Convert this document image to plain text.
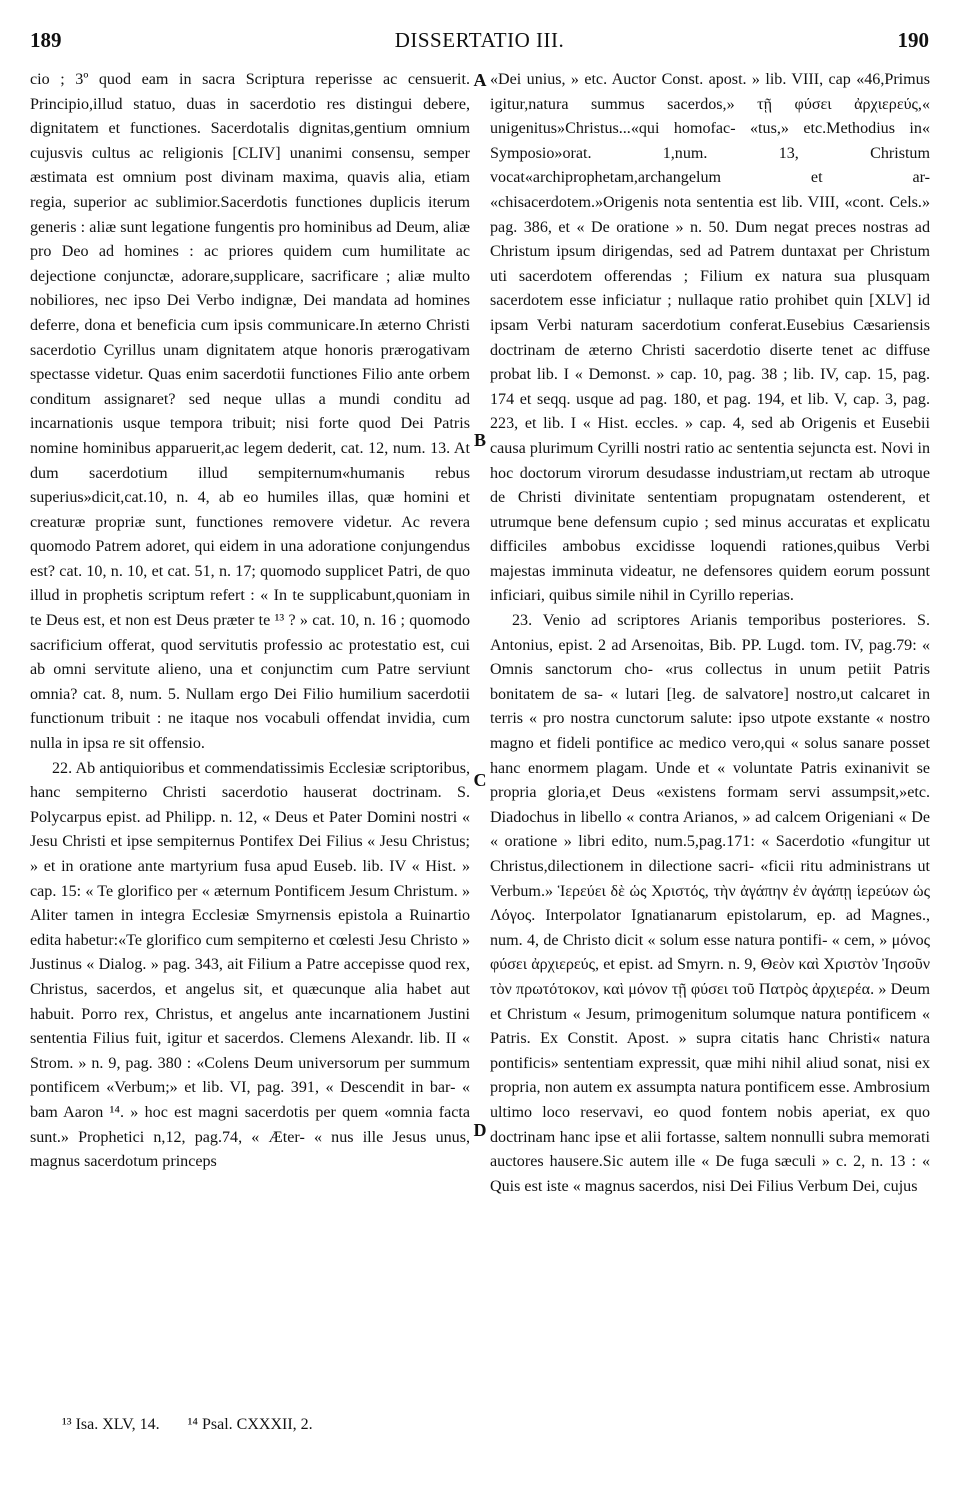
189	DISSERTATIO III.	190

cio ; 3º quod eam in sacra Scriptura reperisse ac censuerit. Principio,illud statuo, duas in sacerdotio res distingui debere, dignitatem et functiones. Sacerdotalis dignitas,gentium omnium cujusvis cultus ac religionis [CLIV] unanimi consensu, semper æstimata est omnium post divinam maxima, quavis alia, etiam regia, superior ac sublimior.Sacerdotis functiones duplicis iterum generis : aliæ sunt legatione fungentis pro hominibus ad Deum, aliæ pro Deo ad homines : ac priores quidem cum humilitate ac dejectione conjunctæ, adorare,supplicare, sacrificare ; aliæ multo nobiliores, nec ipso Dei Verbo indignæ, Dei mandata ad homines deferre, dona et beneficia cum ipsis communicare.In æterno Christi sacerdotio Cyrillus unam dignitatem atque honoris prærogativam spectasse videtur. Quas enim sacerdotii functiones Filio ante orbem conditum assignaret? sed neque ullas a mundi conditu ad incarnationis usque tempora tribuit; nisi forte quod Dei Patris nomine hominibus apparuerit,ac legem dederit, cat. 12, num. 13. At dum sacerdotium illud sempiternum«humanis rebus superius»dicit,cat.10, n. 4, ab eo humiles illas, quæ homini et creaturæ propriæ sunt, functiones removere videtur. Ac revera quomodo Patrem adoret, qui eidem in una adoratione conjungendus est? cat. 10, n. 10, et cat. 51, n. 17; quomodo supplicet Patri, de quo illud in prophetis scriptum refert : « In te supplicabunt,quoniam in te Deus est, et non est Deus præter te ¹³ ? » cat. 10, n. 16 ; quomodo sacrificium offerat, quod servitutis professio ac protestatio est, cui ab omni servitute alieno, una et conjunctim cum Patre serviunt omnia? cat. 8, num. 5. Nullam ergo Dei Filio humilium sacerdotii functionum tribuit : ne itaque nos vocabuli offendat invidia, cum nulla in ipsa re sit offensio.

22. Ab antiquioribus et commendatissimis Ecclesiæ scriptoribus, hanc sempiterno Christi sacerdotio hauserat doctrinam. S. Polycarpus epist. ad Philipp. n. 12, « Deus et Pater Domini nostri « Jesu Christi et ipse sempiternus Pontifex Dei Filius « Jesu Christus; » et in oratione ante martyrium fusa apud Euseb. lib. IV « Hist. » cap. 15: « Te glorifico per « æternum Pontificem Jesum Christum. » Aliter tamen in integra Ecclesiæ Smyrnensis epistola a Ruinartio edita habetur:«Te glorifico cum sempiterno et cœlesti Jesu Christo » Justinus « Dialog. » pag. 343, ait Filium a Patre accepisse quod rex, Christus, sacerdos, et angelus sit, et quæcunque alia habet aut habuit. Porro rex, Christus, et angelus ante incarnationem Justini sententia Filius fuit, igitur et sacerdos. Clemens Alexandr. lib. II « Strom. » n. 9, pag. 380 : «Colens Deum universorum per summum pontificem «Verbum;» et lib. VI, pag. 391, « Descendit in bar- « bam Aaron ¹⁴. » hoc est magni sacerdotis per quem «omnia facta sunt.» Prophetici n,12, pag.74, « Æter- « nus ille Jesus unus, magnus sacerdotum princeps

A
B
C
D

«Dei unius, » etc. Auctor Const. apost. » lib. VIII, cap «46,Primus igitur,natura summus sacerdos,» τῇ φύσει ἀρχιερεύς,« unigenitus»Christus...«qui homofac- «tus,» etc.Methodius in« Symposio»orat. 1,num. 13, Christum vocat«archiprophetam,archangelum et ar- «chisacerdotem.»Origenis nota sententia est lib. VIII, «cont. Cels.» pag. 386, et « De oratione » n. 50. Dum negat preces nostras ad Christum ipsum dirigendas, sed ad Patrem duntaxat per Christum uti sacerdotem offerendas ; Filium ex natura sua plusquam sacerdotem esse inficiatur ; nullaque ratio prohibet quin [XLV] id ipsam Verbi naturam sacerdotium conferat.Eusebius Cæsariensis doctrinam de æterno Christi sacerdotio diserte tenet ac diffuse probat lib. I « Demonst. » cap. 10, pag. 38 ; lib. IV, cap. 15, pag. 174 et seqq. usque ad pag. 180, et pag. 194, et lib. V, cap. 3, pag. 223, et lib. I « Hist. eccles. » cap. 4, sed ab Origenis et Eusebii causa plurimum Cyrilli nostri ratio ac sententia sejuncta est. Novi in hoc doctorum virorum desudasse industriam,ut rectam ab utroque de Christi divinitate sententiam propugnatam ostenderent, et utrumque bene defensum cupio ; sed minus accuratas et explicatu difficiles ambobus excidisse loquendi rationes,quibus Verbi majestas imminuta videatur, ne defensores quidem eorum possunt inficiari, quibus simile nihil in Cyrillo reperias.

23. Venio ad scriptores Arianis temporibus posteriores. S. Antonius, epist. 2 ad Arsenoitas, Bib. PP. Lugd. tom. IV, pag.79: « Omnis sanctorum cho- «rus collectus in unum petiit Patris bonitatem de sa- « lutari [leg. de salvatore] nostro,ut calcaret in terris « pro nostra cunctorum salute: ipso utpote exstante « nostro magno et fideli pontifice ac medico vero,qui « solus sanare posset hanc enormem plagam. Unde et « voluntate Patris exinanivit se propria gloria,et Deus «existens formam servi assumpsit,»etc. Diadochus in libello « contra Arianos, » ad calcem Origeniani « De « oratione » libri edito, num.5,pag.171: « Sacerdotio «fungitur ut Christus,dilectionem in dilectione sacri- «ficii ritu administrans ut Verbum.» Ἱερεύει δὲ ὡς Χριστός, τὴν ἀγάπην ἐν ἀγάπῃ ἱερεύων ὡς Λόγος. Interpolator Ignatianarum epistolarum, ep. ad Magnes., num. 4, de Christo dicit « solum esse natura pontifi- « cem, » μόνος φύσει ἀρχιερεύς, et epist. ad Smyrn. n. 9, Θεὸν καὶ Χριστὸν Ἰησοῦν τὸν πρωτότοκον, καὶ μόνον τῇ φύσει τοῦ Πατρὸς ἀρχιερέα. » Deum et Christum « Jesum, primogenitum solumque natura pontificem « Patris. Ex Constit. Apost. » supra citatis hanc Christi« natura pontificis» sententiam expressit, quæ mihi nihil aliud sonat, nisi ex propria, non autem ex assumpta natura pontificem esse. Ambrosium ultimo loco reservavi, eo quod fontem nobis aperiat, ex quo doctrinam hanc ipse et alii fortasse, saltem nonnulli subra memorati auctores hausere.Sic autem ille « De fuga sæculi » c. 2, n. 13 : « Quis est iste « magnus sacerdos, nisi Dei Filius Verbum Dei, cujus

¹³ Isa. XLV, 14. ¹⁴ Psal. CXXXII, 2.
